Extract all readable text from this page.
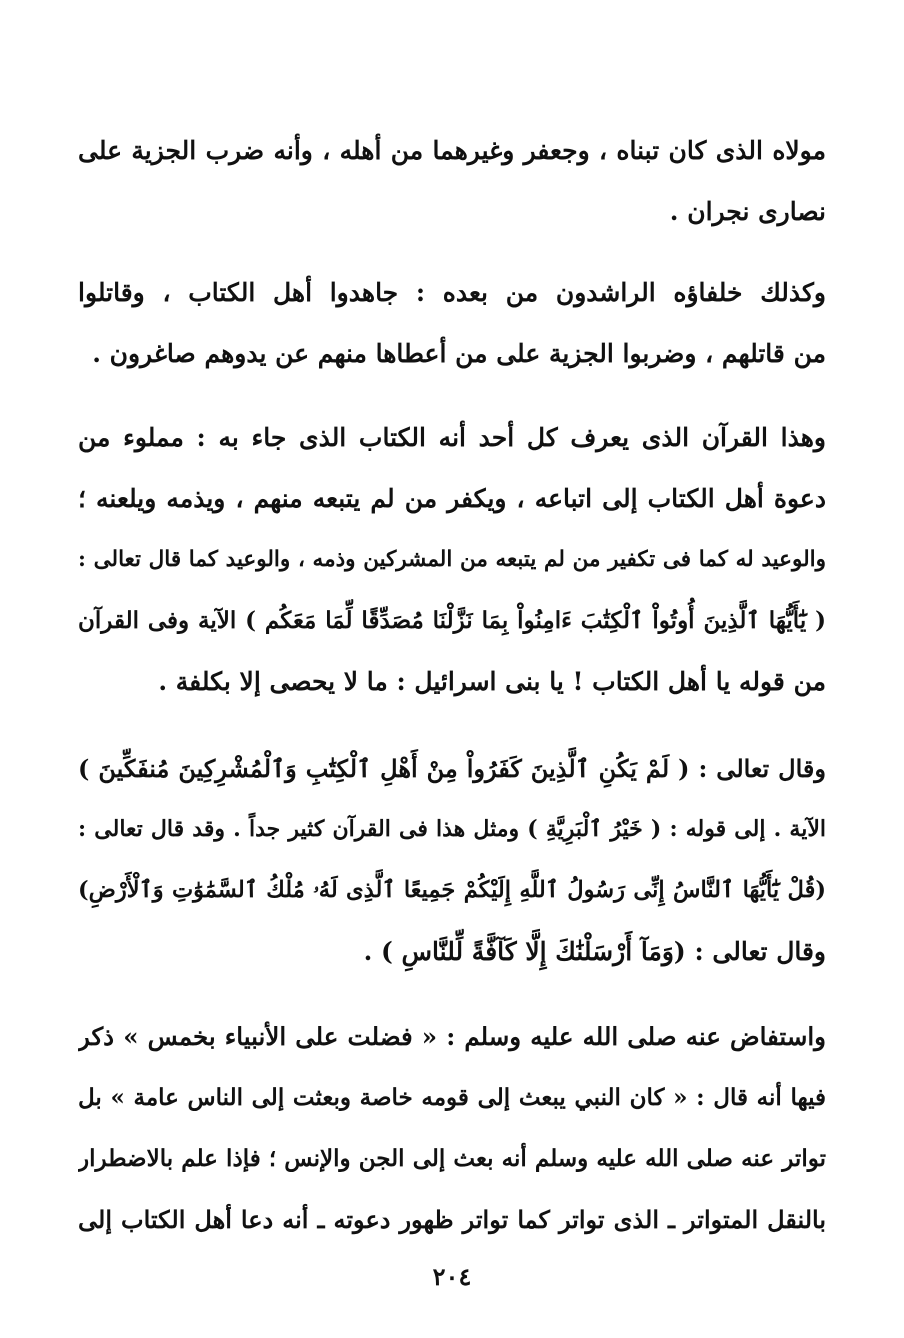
مولاه الذى كان تبناه ، وجعفر وغيرهما من أهله ، وأنه ضرب الجزية على
نصارى نجران .
وكذلك خلفاؤه الراشدون من بعده : جاهدوا أهل الكتاب ، وقاتلوا
من قاتلهم ، وضربوا الجزية على من أعطاها منهم عن يدوهم صاغرون .
وهذا القرآن الذى يعرف كل أحد أنه الكتاب الذى جاء به : مملوء من
دعوة أهل الكتاب إلى اتباعه ، ويكفر من لم يتبعه منهم ، ويذمه ويلعنه ؛
والوعيد له كما فى تكفير من لم يتبعه من المشركين وذمه ، والوعيد كما قال تعالى :
( يَٰٓأَيُّهَا ٱلَّذِينَ أُوتُواْ ٱلْكِتَٰبَ ءَامِنُواْ بِمَا نَزَّلْنَا مُصَدِّقًا لِّمَا مَعَكُم ) الآية وفى القرآن
من قوله يا أهل الكتاب ! يا بنى اسرائيل : ما لا يحصى إلا بكلفة .
وقال تعالى : ( لَمْ يَكُنِ ٱلَّذِينَ كَفَرُواْ مِنْ أَهْلِ ٱلْكِتَٰبِ وَٱلْمُشْرِكِينَ مُنفَكِّينَ )
الآية . إلى قوله : ( خَيْرُ ٱلْبَرِيَّةِ ) ومثل هذا فى القرآن كثير جداً . وقد قال تعالى :
(قُلْ يَٰٓأَيُّهَا ٱلنَّاسُ إِنِّى رَسُولُ ٱللَّهِ إِلَيْكُمْ جَمِيعًا ٱلَّذِى لَهُۥ مُلْكُ ٱلسَّمَٰوَٰتِ وَٱلْأَرْضِ)
وقال تعالى : (وَمَآ أَرْسَلْنَٰكَ إِلَّا كَآفَّةً لِّلنَّاسِ ) .
واستفاض عنه صلى الله عليه وسلم : « فضلت على الأنبياء بخمس » ذكر
فيها أنه قال : « كان النبي يبعث إلى قومه خاصة وبعثت إلى الناس عامة » بل
تواتر عنه صلى الله عليه وسلم أنه بعث إلى الجن والإنس ؛ فإذا علم بالاضطرار
بالنقل المتواتر ـ الذى تواتر كما تواتر ظهور دعوته ـ أنه دعا أهل الكتاب إلى
٢٠٤
